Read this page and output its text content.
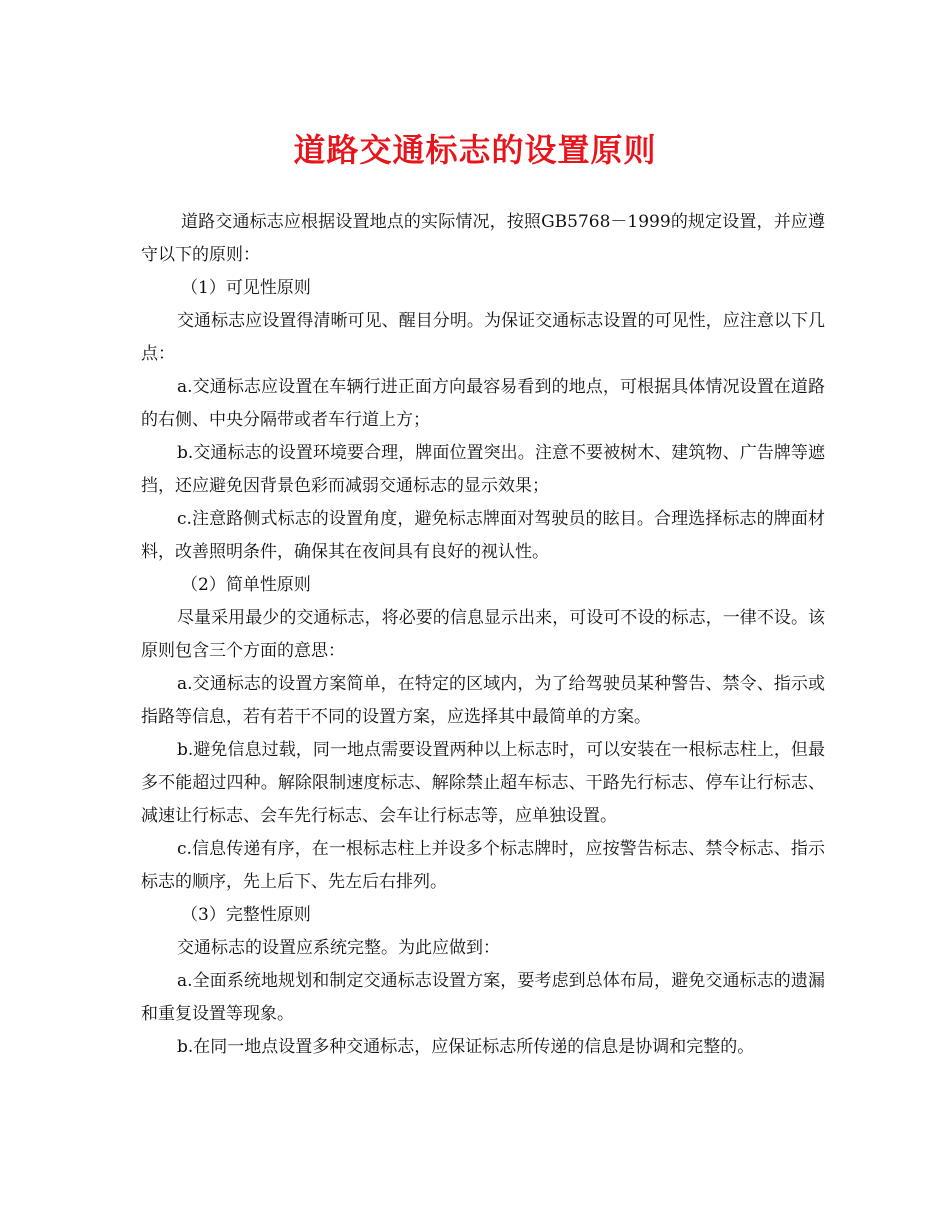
道路交通标志的设置原则

道路交通标志应根据设置地点的实际情况，按照GB5768－1999的规定设置，并应遵守以下的原则：

（1）可见性原则

交通标志应设置得清晰可见、醒目分明。为保证交通标志设置的可见性，应注意以下几点：

a.交通标志应设置在车辆行进正面方向最容易看到的地点，可根据具体情况设置在道路的右侧、中央分隔带或者车行道上方；

b.交通标志的设置环境要合理，牌面位置突出。注意不要被树木、建筑物、广告牌等遮挡，还应避免因背景色彩而减弱交通标志的显示效果；

c.注意路侧式标志的设置角度，避免标志牌面对驾驶员的眩目。合理选择标志的牌面材料，改善照明条件，确保其在夜间具有良好的视认性。

（2）简单性原则

尽量采用最少的交通标志，将必要的信息显示出来，可设可不设的标志，一律不设。该原则包含三个方面的意思：

a.交通标志的设置方案简单，在特定的区域内，为了给驾驶员某种警告、禁令、指示或指路等信息，若有若干不同的设置方案，应选择其中最简单的方案。

b.避免信息过载，同一地点需要设置两种以上标志时，可以安装在一根标志柱上，但最多不能超过四种。解除限制速度标志、解除禁止超车标志、干路先行标志、停车让行标志、减速让行标志、会车先行标志、会车让行标志等，应单独设置。

c.信息传递有序，在一根标志柱上并设多个标志牌时，应按警告标志、禁令标志、指示标志的顺序，先上后下、先左后右排列。

（3）完整性原则

交通标志的设置应系统完整。为此应做到：

a.全面系统地规划和制定交通标志设置方案，要考虑到总体布局，避免交通标志的遗漏和重复设置等现象。

b.在同一地点设置多种交通标志，应保证标志所传递的信息是协调和完整的。
